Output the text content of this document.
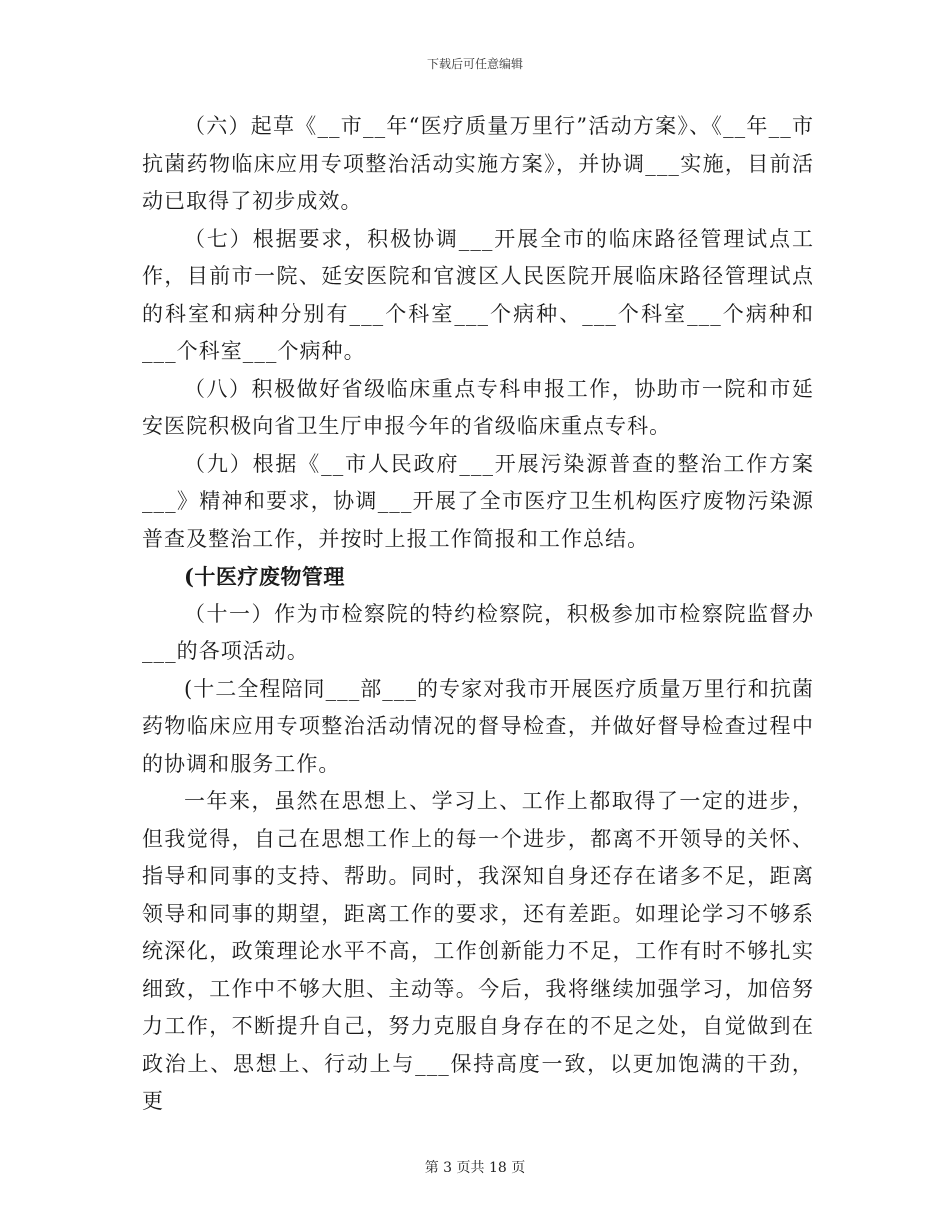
下载后可任意编辑

（六）起草《__市__年“医疗质量万里行”活动方案》、《__年__市抗菌药物临床应用专项整治活动实施方案》，并协调___实施，目前活动已取得了初步成效。

（七）根据要求，积极协调___开展全市的临床路径管理试点工作，目前市一院、延安医院和官渡区人民医院开展临床路径管理试点的科室和病种分别有___个科室___个病种、___个科室___个病种和___个科室___个病种。

（八）积极做好省级临床重点专科申报工作，协助市一院和市延安医院积极向省卫生厅申报今年的省级临床重点专科。

（九）根据《__市人民政府___开展污染源普查的整治工作方案___》精神和要求，协调___开展了全市医疗卫生机构医疗废物污染源普查及整治工作，并按时上报工作简报和工作总结。

(十医疗废物管理

（十一）作为市检察院的特约检察院，积极参加市检察院监督办___的各项活动。

(十二全程陪同___部___的专家对我市开展医疗质量万里行和抗菌药物临床应用专项整治活动情况的督导检查，并做好督导检查过程中的协调和服务工作。

一年来，虽然在思想上、学习上、工作上都取得了一定的进步，但我觉得，自己在思想工作上的每一个进步，都离不开领导的关怀、指导和同事的支持、帮助。同时，我深知自身还存在诸多不足，距离领导和同事的期望，距离工作的要求，还有差距。如理论学习不够系统深化，政策理论水平不高，工作创新能力不足，工作有时不够扎实细致，工作中不够大胆、主动等。今后，我将继续加强学习，加倍努力工作，不断提升自己，努力克服自身存在的不足之处，自觉做到在政治上、思想上、行动上与___保持高度一致，以更加饱满的干劲，更

第 3 页共 18 页
